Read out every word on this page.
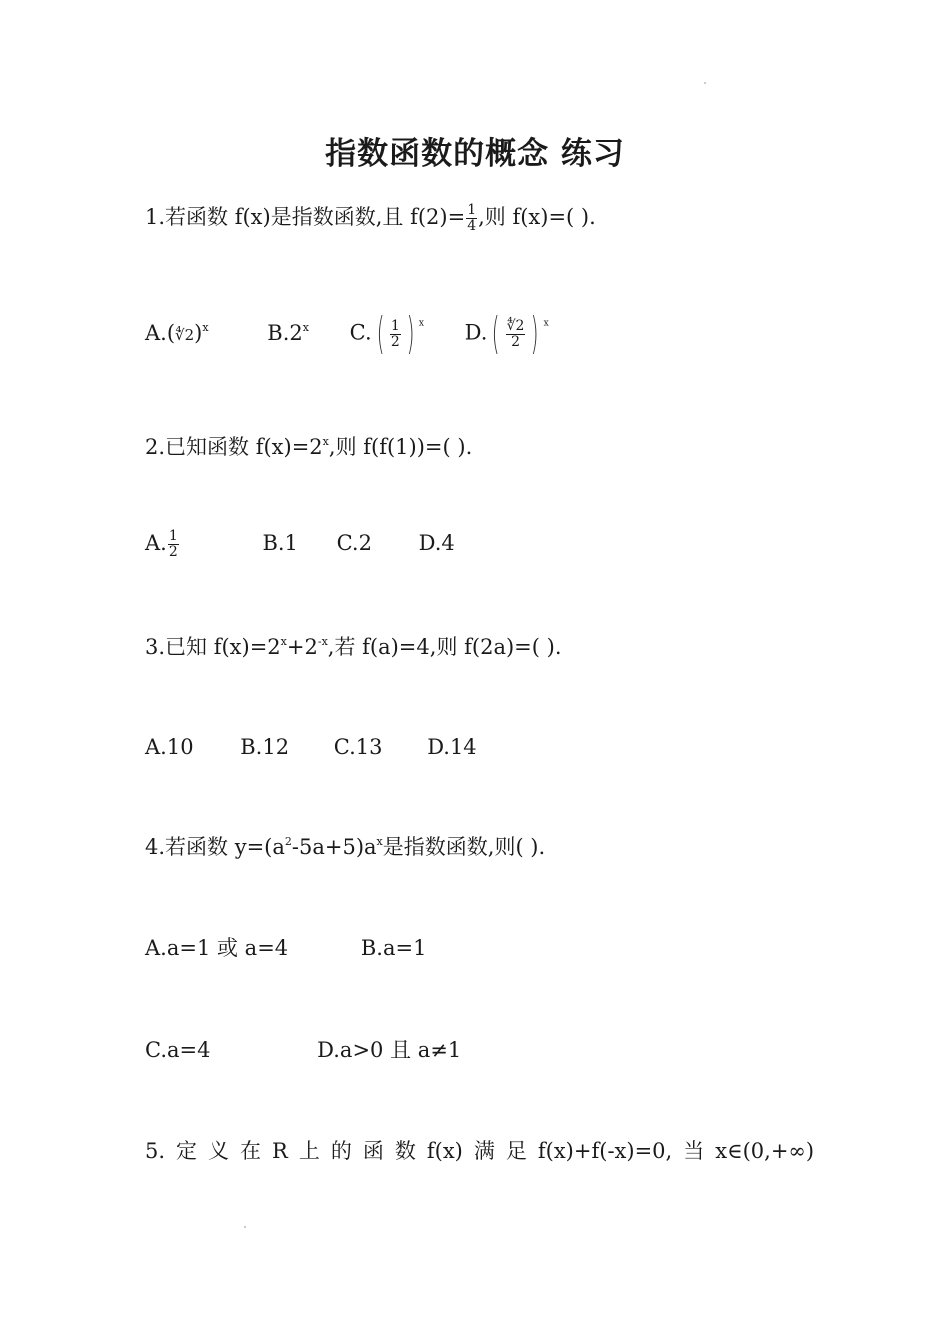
指数函数的概念 练习
1.若函数 f(x)是指数函数,且 $f(2)= \frac{1}{4}$ ,则 f(x)=( ).
A.(∜2)$^x$	B.2$^x$ C. ( $\frac{1}{2}$ ) $^x$ D. ( $\frac{∜2}{2}$ ) $^x$
2.已知函数 $f(x)=2^x$,则 f(f(1))=( ).
A. $\frac{1}{2}$	B.1 C.2 D.4
3.已知 $f(x)=2^x+2^{-x}$,若 f(a)=4,则 f(2a)=( ).
A.10 B.12 C.13 D.14
4.若函数 $y=(a^2-5a+5)a^x$是指数函数,则( ).
A.a=1 或 a=4	B.a=1
C.a=4	D.a>0 且 a≠1
5. 定 义 在 R 上 的 函 数 f(x) 满 足 f(x)+f(-x)=0, 当 x∈(0,+∞)
